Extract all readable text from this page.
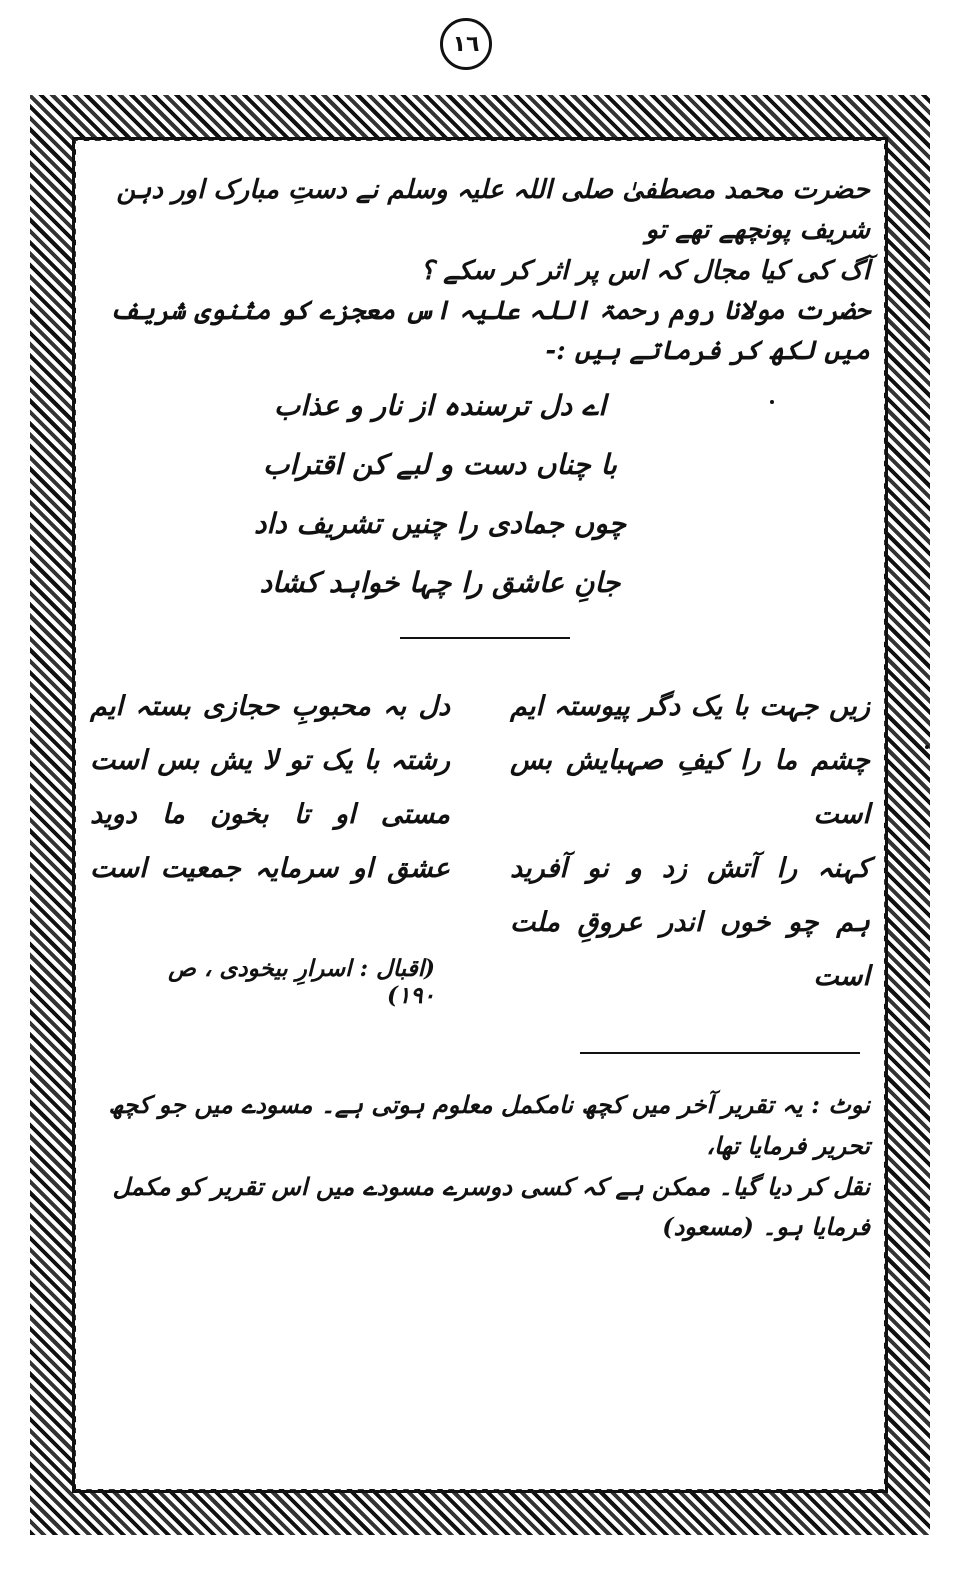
١٦

حضرت محمد مصطفیٰ صلی اللہ علیہ وسلم نے دستِ مبارک اور دہن شریف پونچھے تھے تو

آگ کی کیا مجال کہ اس پر اثر کر سکے ؟

حضرت مولانا روم رحمۃ اللہ علیہ اس معجزے کو مثنوی شریف میں لکھ کر فرماتے ہیں :-

اے دل ترسندہ از نار و عذاب

با چناں دست و لبے کن اقتراب

چوں جمادی را چنیں تشریف داد

جانِ عاشق را چہا خواہد کشاد

دل بہ محبوبِ حجازی بستہ ایم
رشتہ با یک تو لا یش بس است
مستی او تا بخون ما دوید
عشق او سرمایہ جمعیت است
زیں جہت با یک دگر پیوستہ ایم
چشم ما را کیفِ صہبایش بس است
کہنہ را آتش زد و نو آفرید
ہم چو خوں اندر عروقِ ملت است
(اقبال : اسرارِ بیخودی ، ص ١٩٠)
نوٹ : یہ تقریر آخر میں کچھ نامکمل معلوم ہوتی ہے۔ مسودے میں جو کچھ تحریر فرمایا تھا،
نقل کر دیا گیا۔ ممکن ہے کہ کسی دوسرے مسودے میں اس تقریر کو مکمل فرمایا ہو۔ (مسعود)
